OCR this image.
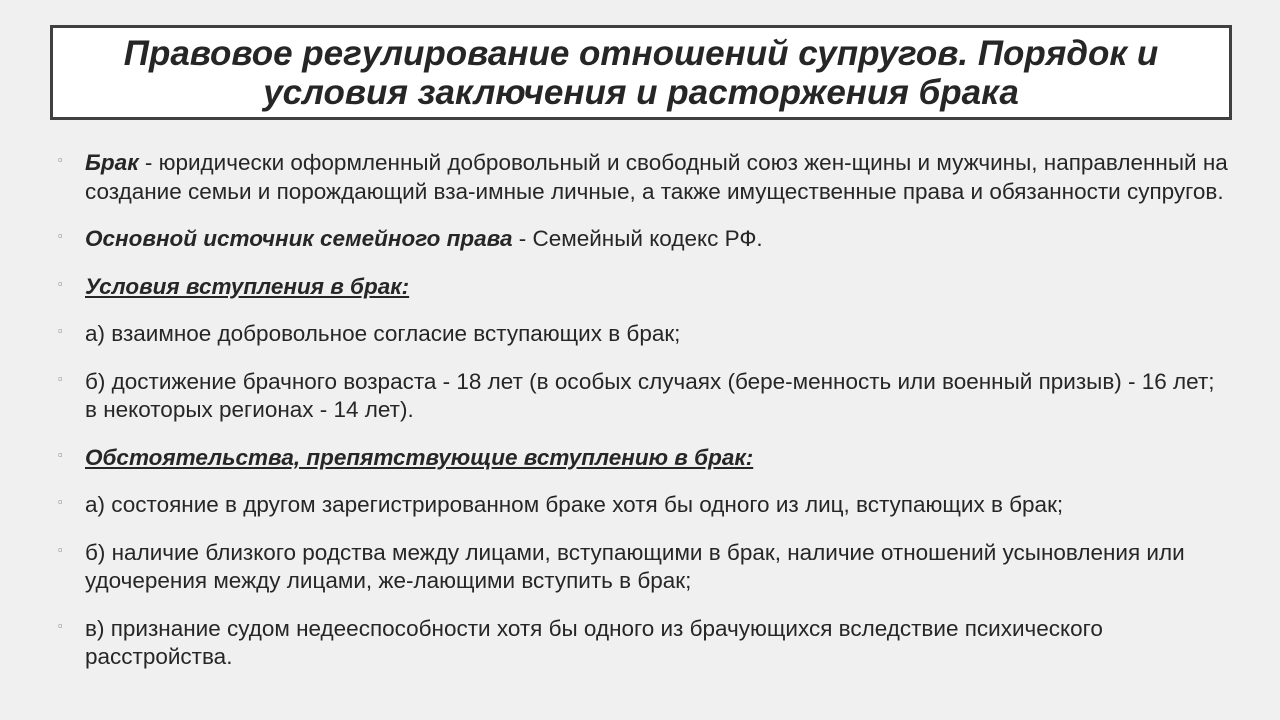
Правовое регулирование отношений супругов. Порядок и
условия заключения и расторжения брака
▫ Брак - юридически оформленный добровольный и свободный союз жен-щины и мужчины, направленный на создание семьи и порождающий вза-имные личные, а также имущественные права и обязанности супругов.
▫ Основной источник семейного права - Семейный кодекс РФ.
▫ Условия вступления в брак:
▫ а) взаимное добровольное согласие вступающих в брак;
▫ б) достижение брачного возраста - 18 лет (в особых случаях (бере-менность или военный призыв) - 16 лет; в некоторых регионах - 14 лет).
▫ Обстоятельства, препятствующие вступлению в брак:
▫ а) состояние в другом зарегистрированном браке хотя бы одного из лиц, вступающих в брак;
▫ б) наличие близкого родства между лицами, вступающими в брак, наличие отношений усыновления или удочерения между лицами, же-лающими вступить в брак;
▫ в) признание судом недееспособности хотя бы одного из брачующихся вследствие психического расстройства.
